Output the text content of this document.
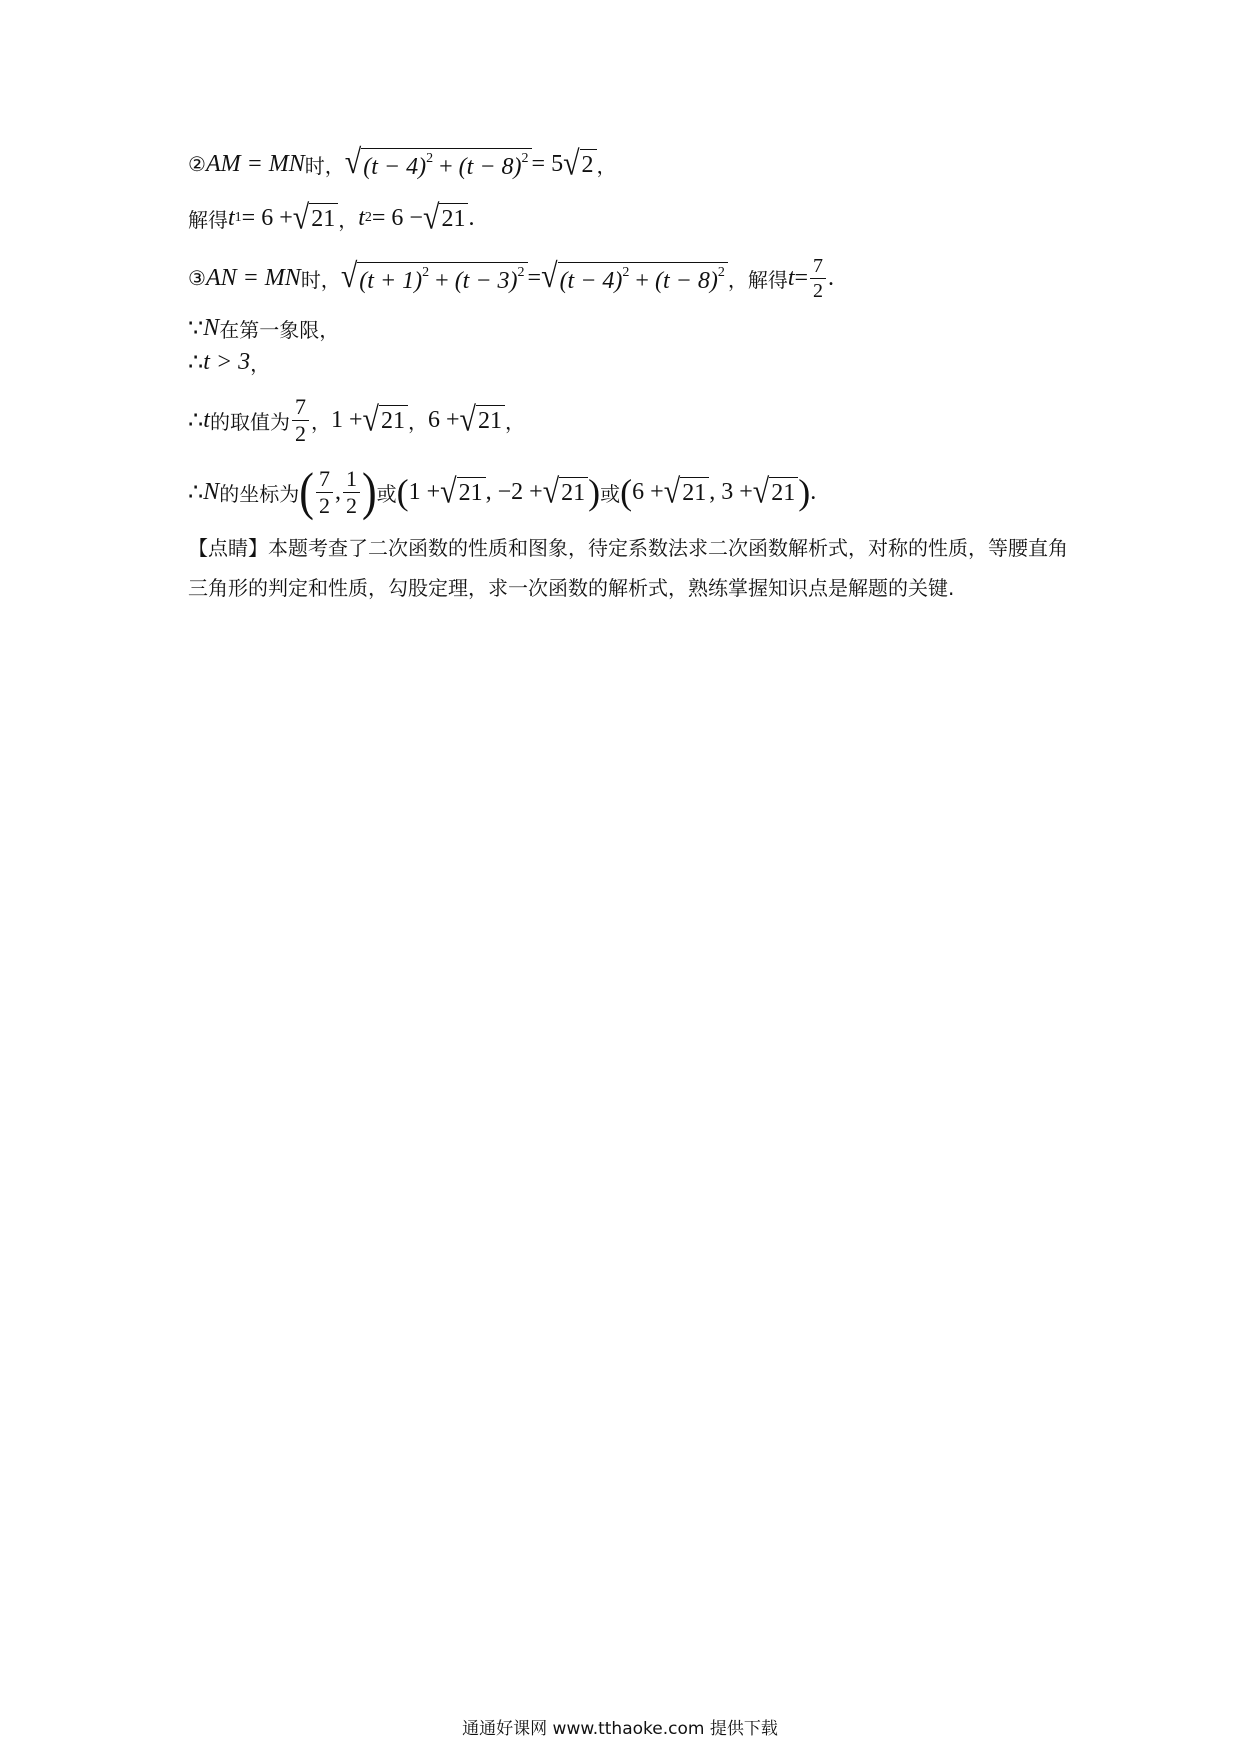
② AM = MN 时， √ $(t - 4)^2 + (t - 8)^2 = 5$ √ 2 ，
解得 t 1 = 6 + √ 21 ， t 2 = 6 − √ 21 .
③ AN = MN 时， √ $(t + 1)^2 + (t - 3)^2$ = √ $(t - 4)^2 + (t - 8)^2$ ，解得 $t = \frac{7}{2}$ .
∵ N 在第一象限，
∴ t > 3 ，
∴ t 的取值为 $\frac{7}{2}$ ， 1 + √ 21 ， 6 + √ 21 ，
∴ N 的坐标为 ( $\frac{7}{2}$ , $\frac{1}{2}$ ) 或 ( 1 + √ 21 , −2 + √ 21 ) 或 ( 6 + √ 21 , 3 + √ 21 ) .
【点睛】本题考查了二次函数的性质和图象，待定系数法求二次函数解析式，对称的性质，等腰直角三角形的判定和性质，勾股定理，求一次函数的解析式，熟练掌握知识点是解题的关键.
通通好课网 www.tthaoke.com 提供下载
